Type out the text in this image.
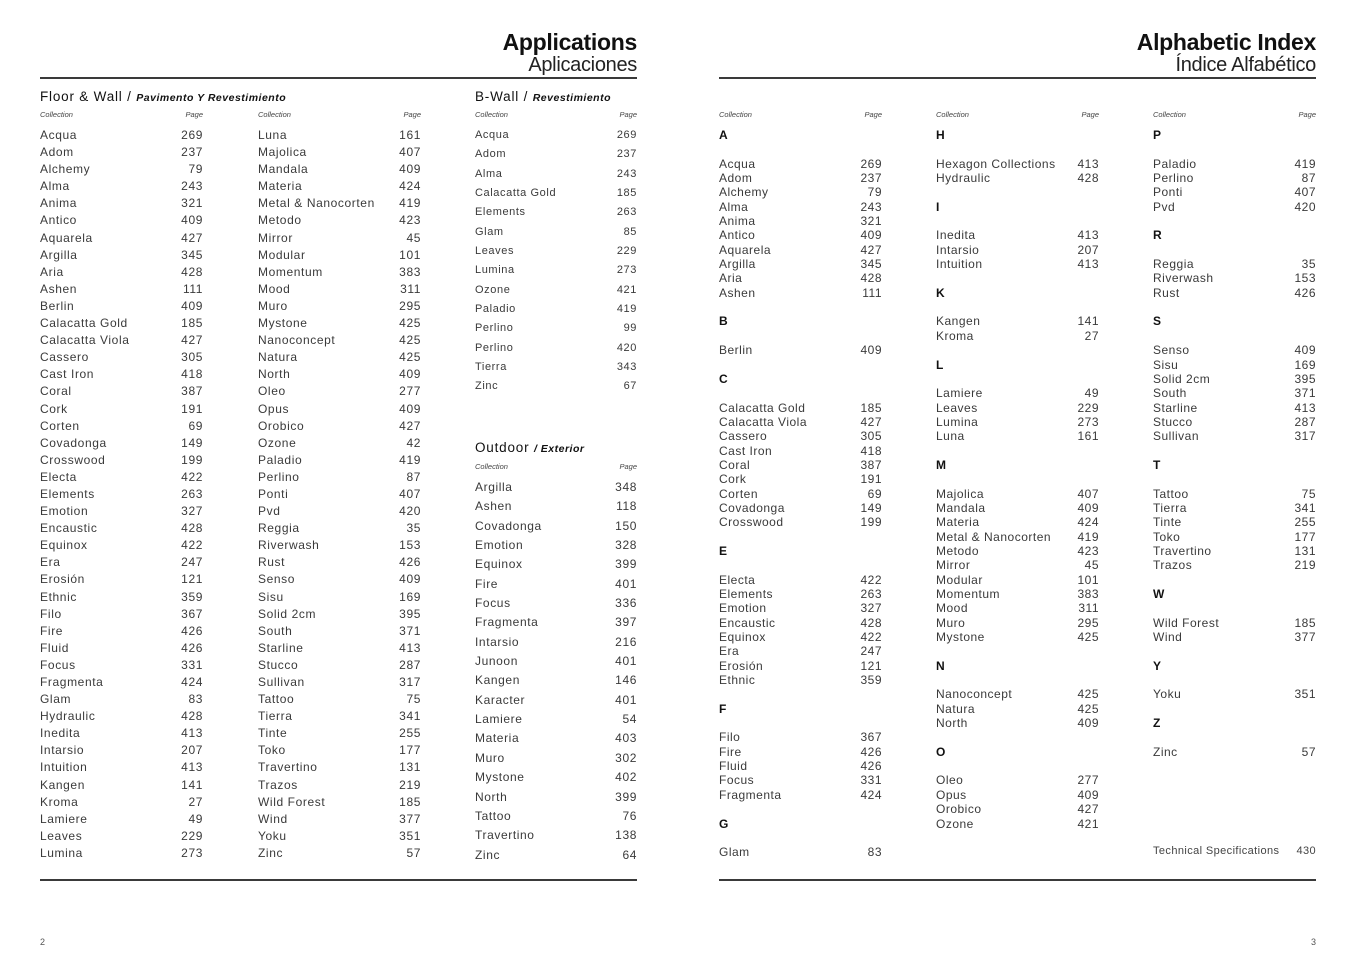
Applications
Aplicaciones
Floor & Wall / Pavimento Y Revestimiento
Collection	Page	Collection	Page
Acqua	269
Adom	237
Alchemy	79
Alma	243
Anima	321
Antico	409
Aquarela	427
Argilla	345
Aria	428
Ashen	111
Berlin	409
Calacatta Gold	185
Calacatta Viola	427
Cassero	305
Cast Iron	418
Coral	387
Cork	191
Corten	69
Covadonga	149
Crosswood	199
Electa	422
Elements	263
Emotion	327
Encaustic	428
Equinox	422
Era	247
Erosión	121
Ethnic	359
Filo	367
Fire	426
Fluid	426
Focus	331
Fragmenta	424
Glam	83
Hydraulic	428
Inedita	413
Intarsio	207
Intuition	413
Kangen	141
Kroma	27
Lamiere	49
Leaves	229
Lumina	273
Luna	161
Majolica	407
Mandala	409
Materia	424
Metal & Nanocorten 419
Metodo	423
Mirror	45
Modular	101
Momentum	383
Mood	311
Muro	295
Mystone	425
Nanoconcept	425
Natura	425
North	409
Oleo	277
Opus	409
Orobico	427
Ozone	42
Paladio	419
Perlino	87
Ponti	407
Pvd	420
Reggia	35
Riverwash	153
Rust	426
Senso	409
Sisu	169
Solid 2cm	395
South	371
Starline	413
Stucco	287
Sullivan	317
Tattoo	75
Tierra	341
Tinte	255
Toko	177
Travertino	131
Trazos	219
Wild Forest	185
Wind	377
Yoku	351
Zinc	57
B-Wall / Revestimiento
Collection	Page
Acqua	269
Adom	237
Alma	243
Calacatta Gold	185
Elements	263
Glam	85
Leaves	229
Lumina	273
Ozone	421
Paladio	419
Perlino	99
Perlino	420
Tierra	343
Zinc	67
Outdoor / Exterior
Collection	Page
Argilla	348
Ashen	118
Covadonga	150
Emotion	328
Equinox	399
Fire	401
Focus	336
Fragmenta	397
Intarsio	216
Junoon	401
Kangen	146
Karacter	401
Lamiere	54
Materia	403
Muro	302
Mystone	402
North	399
Tattoo	76
Travertino	138
Zinc	64
2
Alphabetic Index
Índice Alfabético
Collection	Page	Collection	Page	Collection	Page
A
Acqua	269
Adom	237
Alchemy	79
Alma	243
Anima	321
Antico	409
Aquarela	427
Argilla	345
Aria	428
Ashen	111
B
Berlin	409
C
Calacatta Gold	185
Calacatta Viola	427
Cassero	305
Cast Iron	418
Coral	387
Cork	191
Corten	69
Covadonga	149
Crosswood	199
E
Electa	422
Elements	263
Emotion	327
Encaustic	428
Equinox	422
Era	247
Erosión	121
Ethnic	359
F
Filo	367
Fire	426
Fluid	426
Focus	331
Fragmenta	424
G
Glam	83
H
Hexagon Collections 413
Hydraulic	428
I
Inedita	413
Intarsio	207
Intuition	413
K
Kangen	141
Kroma	27
L
Lamiere	49
Leaves	229
Lumina	273
Luna	161
M
Majolica	407
Mandala	409
Materia	424
Metal & Nanocorten 419
Metodo	423
Mirror	45
Modular	101
Momentum	383
Mood	311
Muro	295
Mystone	425
N
Nanoconcept	425
Natura	425
North	409
O
Oleo	277
Opus	409
Orobico	427
Ozone	421
P
Paladio	419
Perlino	87
Ponti	407
Pvd	420
R
Reggia	35
Riverwash	153
Rust	426
S
Senso	409
Sisu	169
Solid 2cm	395
South	371
Starline	413
Stucco	287
Sullivan	317
T
Tattoo	75
Tierra	341
Tinte	255
Toko	177
Travertino	131
Trazos	219
W
Wild Forest	185
Wind	377
Y
Yoku	351
Z
Zinc	57
Technical Specifications 430
3
